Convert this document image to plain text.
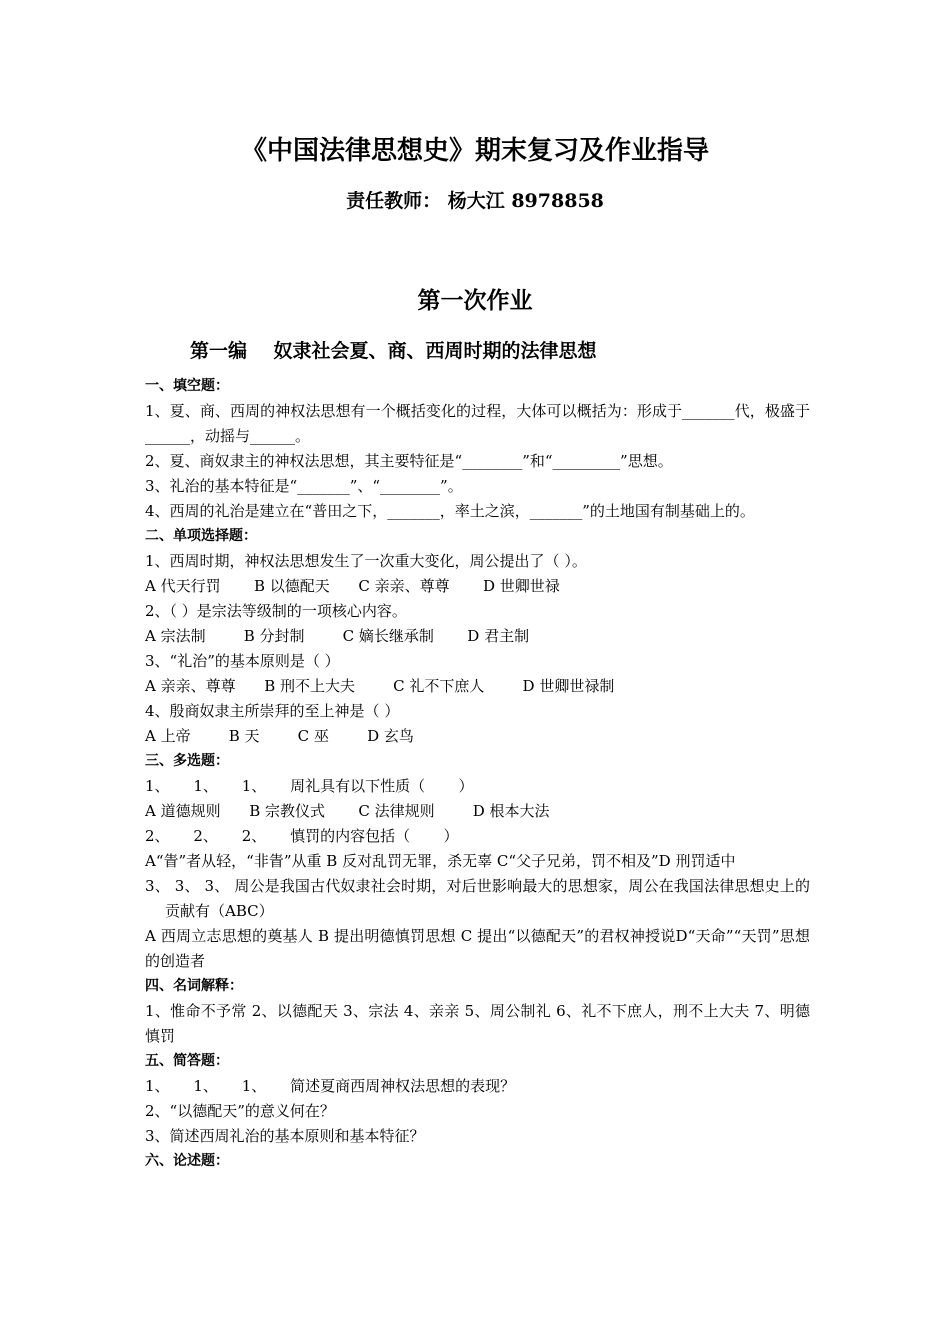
《中国法律思想史》期末复习及作业指导

责任教师： 杨大江 8978858

第一次作业
第一编    奴隶社会夏、商、西周时期的法律思想

一、填空题：

1、夏、商、西周的神权法思想有一个概括变化的过程，大体可以概括为：形成于_______代，极盛于______，动摇与______。

2、夏、商奴隶主的神权法思想，其主要特征是“________”和“_________”思想。

3、礼治的基本特征是“_______”、“________”。

4、西周的礼治是建立在“普田之下，_______，率土之滨，_______”的土地国有制基础上的。

二、单项选择题：

1、西周时期，神权法思想发生了一次重大变化，周公提出了（ ）。

A 代天行罚       B 以德配天      C 亲亲、尊尊       D 世卿世禄

2、（ ）是宗法等级制的一项核心内容。

A 宗法制        B 分封制        C 嫡长继承制       D 君主制

3、“礼治”的基本原则是（ ）

A 亲亲、尊尊      B 刑不上大夫        C 礼不下庶人        D 世卿世禄制

4、殷商奴隶主所崇拜的至上神是（ ）

A 上帝        B 天        C 巫        D 玄鸟

三、多选题：

1、     1、     1、     周礼具有以下性质（       ）

A 道德规则      B 宗教仪式       C 法律规则        D 根本大法

2、     2、     2、     慎罚的内容包括（       ）

A“眚”者从轻，“非眚”从重 B 反对乱罚无罪，杀无辜 C“父子兄弟，罚不相及”D 刑罚适中

3、 3、 3、 周公是我国古代奴隶社会时期，对后世影响最大的思想家，周公在我国法律思想史上的贡献有（ABC）

A 西周立志思想的奠基人 B 提出明德慎罚思想 C 提出“以德配天”的君权神授说D“天命”“天罚”思想的创造者

四、名词解释：

1、惟命不予常 2、以德配天 3、宗法 4、亲亲 5、周公制礼 6、礼不下庶人，刑不上大夫 7、明德慎罚

五、简答题：

1、     1、     1、     简述夏商西周神权法思想的表现？

2、“以德配天”的意义何在？

3、简述西周礼治的基本原则和基本特征？

六、论述题：
